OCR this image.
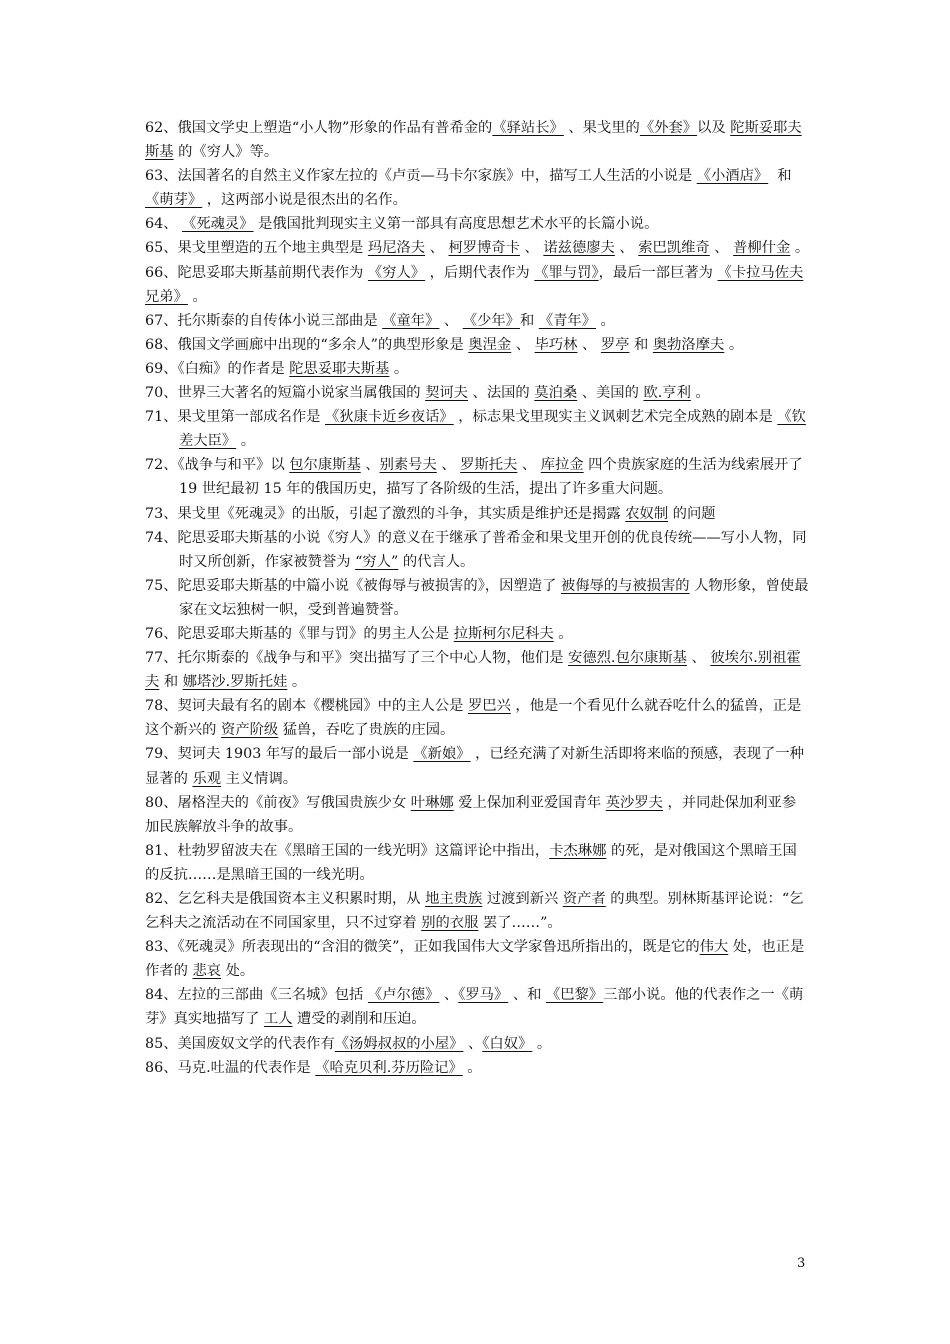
62、俄国文学史上塑造“小人物”形象的作品有普希金的《驿站长》 、果戈里的《外套》以及 陀斯妥耶夫斯基 的《穷人》等。
63、法国著名的自然主义作家左拉的《卢贡—马卡尔家族》中，描写工人生活的小说是 《小酒店》  和 《萌芽》 ，这两部小说是很杰出的名作。
64、 《死魂灵》 是俄国批判现实主义第一部具有高度思想艺术水平的长篇小说。
65、果戈里塑造的五个地主典型是 玛尼洛夫 、 柯罗博奇卡 、 诺兹德廖夫 、 索巴凯维奇 、 普柳什金 。
66、陀思妥耶夫斯基前期代表作为 《穷人》 ，后期代表作为 《罪与罚》，最后一部巨著为 《卡拉马佐夫兄弟》 。
67、托尔斯泰的自传体小说三部曲是 《童年》 、 《少年》和 《青年》 。
68、俄国文学画廊中出现的“多余人”的典型形象是 奥涅金 、 毕巧林 、 罗亭 和 奥勃洛摩夫 。
69、《白痴》的作者是 陀思妥耶夫斯基 。
70、世界三大著名的短篇小说家当属俄国的 契诃夫 、法国的 莫泊桑 、美国的 欧.亨利 。
71、果戈里第一部成名作是 《狄康卡近乡夜话》 ，标志果戈里现实主义讽刺艺术完全成熟的剧本是 《钦差大臣》 。
72、《战争与和平》以 包尔康斯基 、别素号夫 、 罗斯托夫 、 库拉金 四个贵族家庭的生活为线索展开了 19 世纪最初 15 年的俄国历史，描写了各阶级的生活，提出了许多重大问题。
73、果戈里《死魂灵》的出版，引起了激烈的斗争，其实质是维护还是揭露 农奴制 的问题
74、陀思妥耶夫斯基的小说《穷人》的意义在于继承了普希金和果戈里开创的优良传统——写小人物，同时又所创新，作家被赞誉为 “穷人” 的代言人。
75、陀思妥耶夫斯基的中篇小说《被侮辱与被损害的》，因塑造了 被侮辱的与被损害的 人物形象，曾使最家在文坛独树一帜，受到普遍赞誉。
76、陀思妥耶夫斯基的《罪与罚》的男主人公是 拉斯柯尔尼科夫 。
77、托尔斯泰的《战争与和平》突出描写了三个中心人物，他们是 安德烈.包尔康斯基 、 彼埃尔.别祖霍夫 和 娜塔沙.罗斯托娃 。
78、契诃夫最有名的剧本《樱桃园》中的主人公是 罗巴兴 ，他是一个看见什么就吞吃什么的猛兽，正是这个新兴的 资产阶级 猛兽，吞吃了贵族的庄园。
79、契诃夫 1903 年写的最后一部小说是 《新娘》 ，已经充满了对新生活即将来临的预感，表现了一种显著的 乐观 主义情调。
80、屠格涅夫的《前夜》写俄国贵族少女 叶琳娜 爱上保加利亚爱国青年 英沙罗夫 ，并同赴保加利亚参加民族解放斗争的故事。
81、杜勃罗留波夫在《黑暗王国的一线光明》这篇评论中指出，卡杰琳娜 的死，是对俄国这个黑暗王国的反抗……是黑暗王国的一线光明。
82、乞乞科夫是俄国资本主义积累时期，从 地主贵族 过渡到新兴 资产者 的典型。别林斯基评论说：“乞乞科夫之流活动在不同国家里，只不过穿着 别的衣服 罢了……”。
83、《死魂灵》所表现出的“含泪的微笑”，正如我国伟大文学家鲁迅所指出的，既是它的伟大 处，也正是作者的 悲哀 处。
84、左拉的三部曲《三名城》包括 《卢尔德》 、《罗马》 、和 《巴黎》三部小说。他的代表作之一《萌芽》真实地描写了 工人 遭受的剥削和压迫。
85、美国废奴文学的代表作有《汤姆叔叔的小屋》 、《白奴》 。
86、马克.吐温的代表作是 《哈克贝利.芬历险记》 。
3
